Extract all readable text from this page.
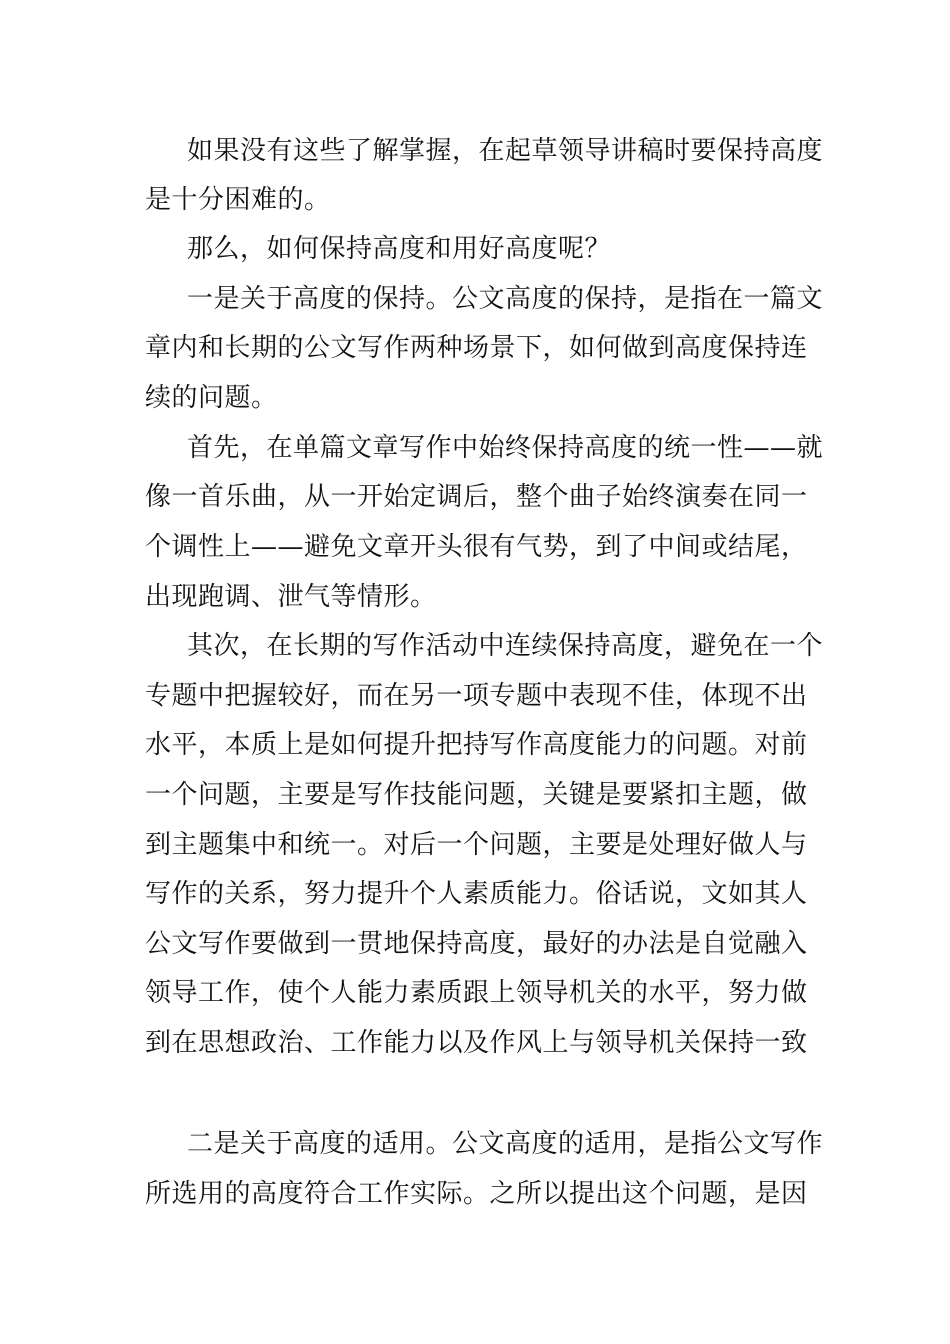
如果没有这些了解掌握，在起草领导讲稿时要保持高度
是十分困难的。
那么，如何保持高度和用好高度呢？
一是关于高度的保持。公文高度的保持，是指在一篇文
章内和长期的公文写作两种场景下，如何做到高度保持连
续的问题。
首先，在单篇文章写作中始终保持高度的统一性——就
像一首乐曲，从一开始定调后，整个曲子始终演奏在同一
个调性上——避免文章开头很有气势，到了中间或结尾，
出现跑调、泄气等情形。
其次，在长期的写作活动中连续保持高度，避免在一个
专题中把握较好，而在另一项专题中表现不佳，体现不出
水平，本质上是如何提升把持写作高度能力的问题。对前
一个问题，主要是写作技能问题，关键是要紧扣主题，做
到主题集中和统一。对后一个问题，主要是处理好做人与
写作的关系，努力提升个人素质能力。俗话说，文如其人
公文写作要做到一贯地保持高度，最好的办法是自觉融入
领导工作，使个人能力素质跟上领导机关的水平，努力做
到在思想政治、工作能力以及作风上与领导机关保持一致
二是关于高度的适用。公文高度的适用，是指公文写作
所选用的高度符合工作实际。之所以提出这个问题，是因
